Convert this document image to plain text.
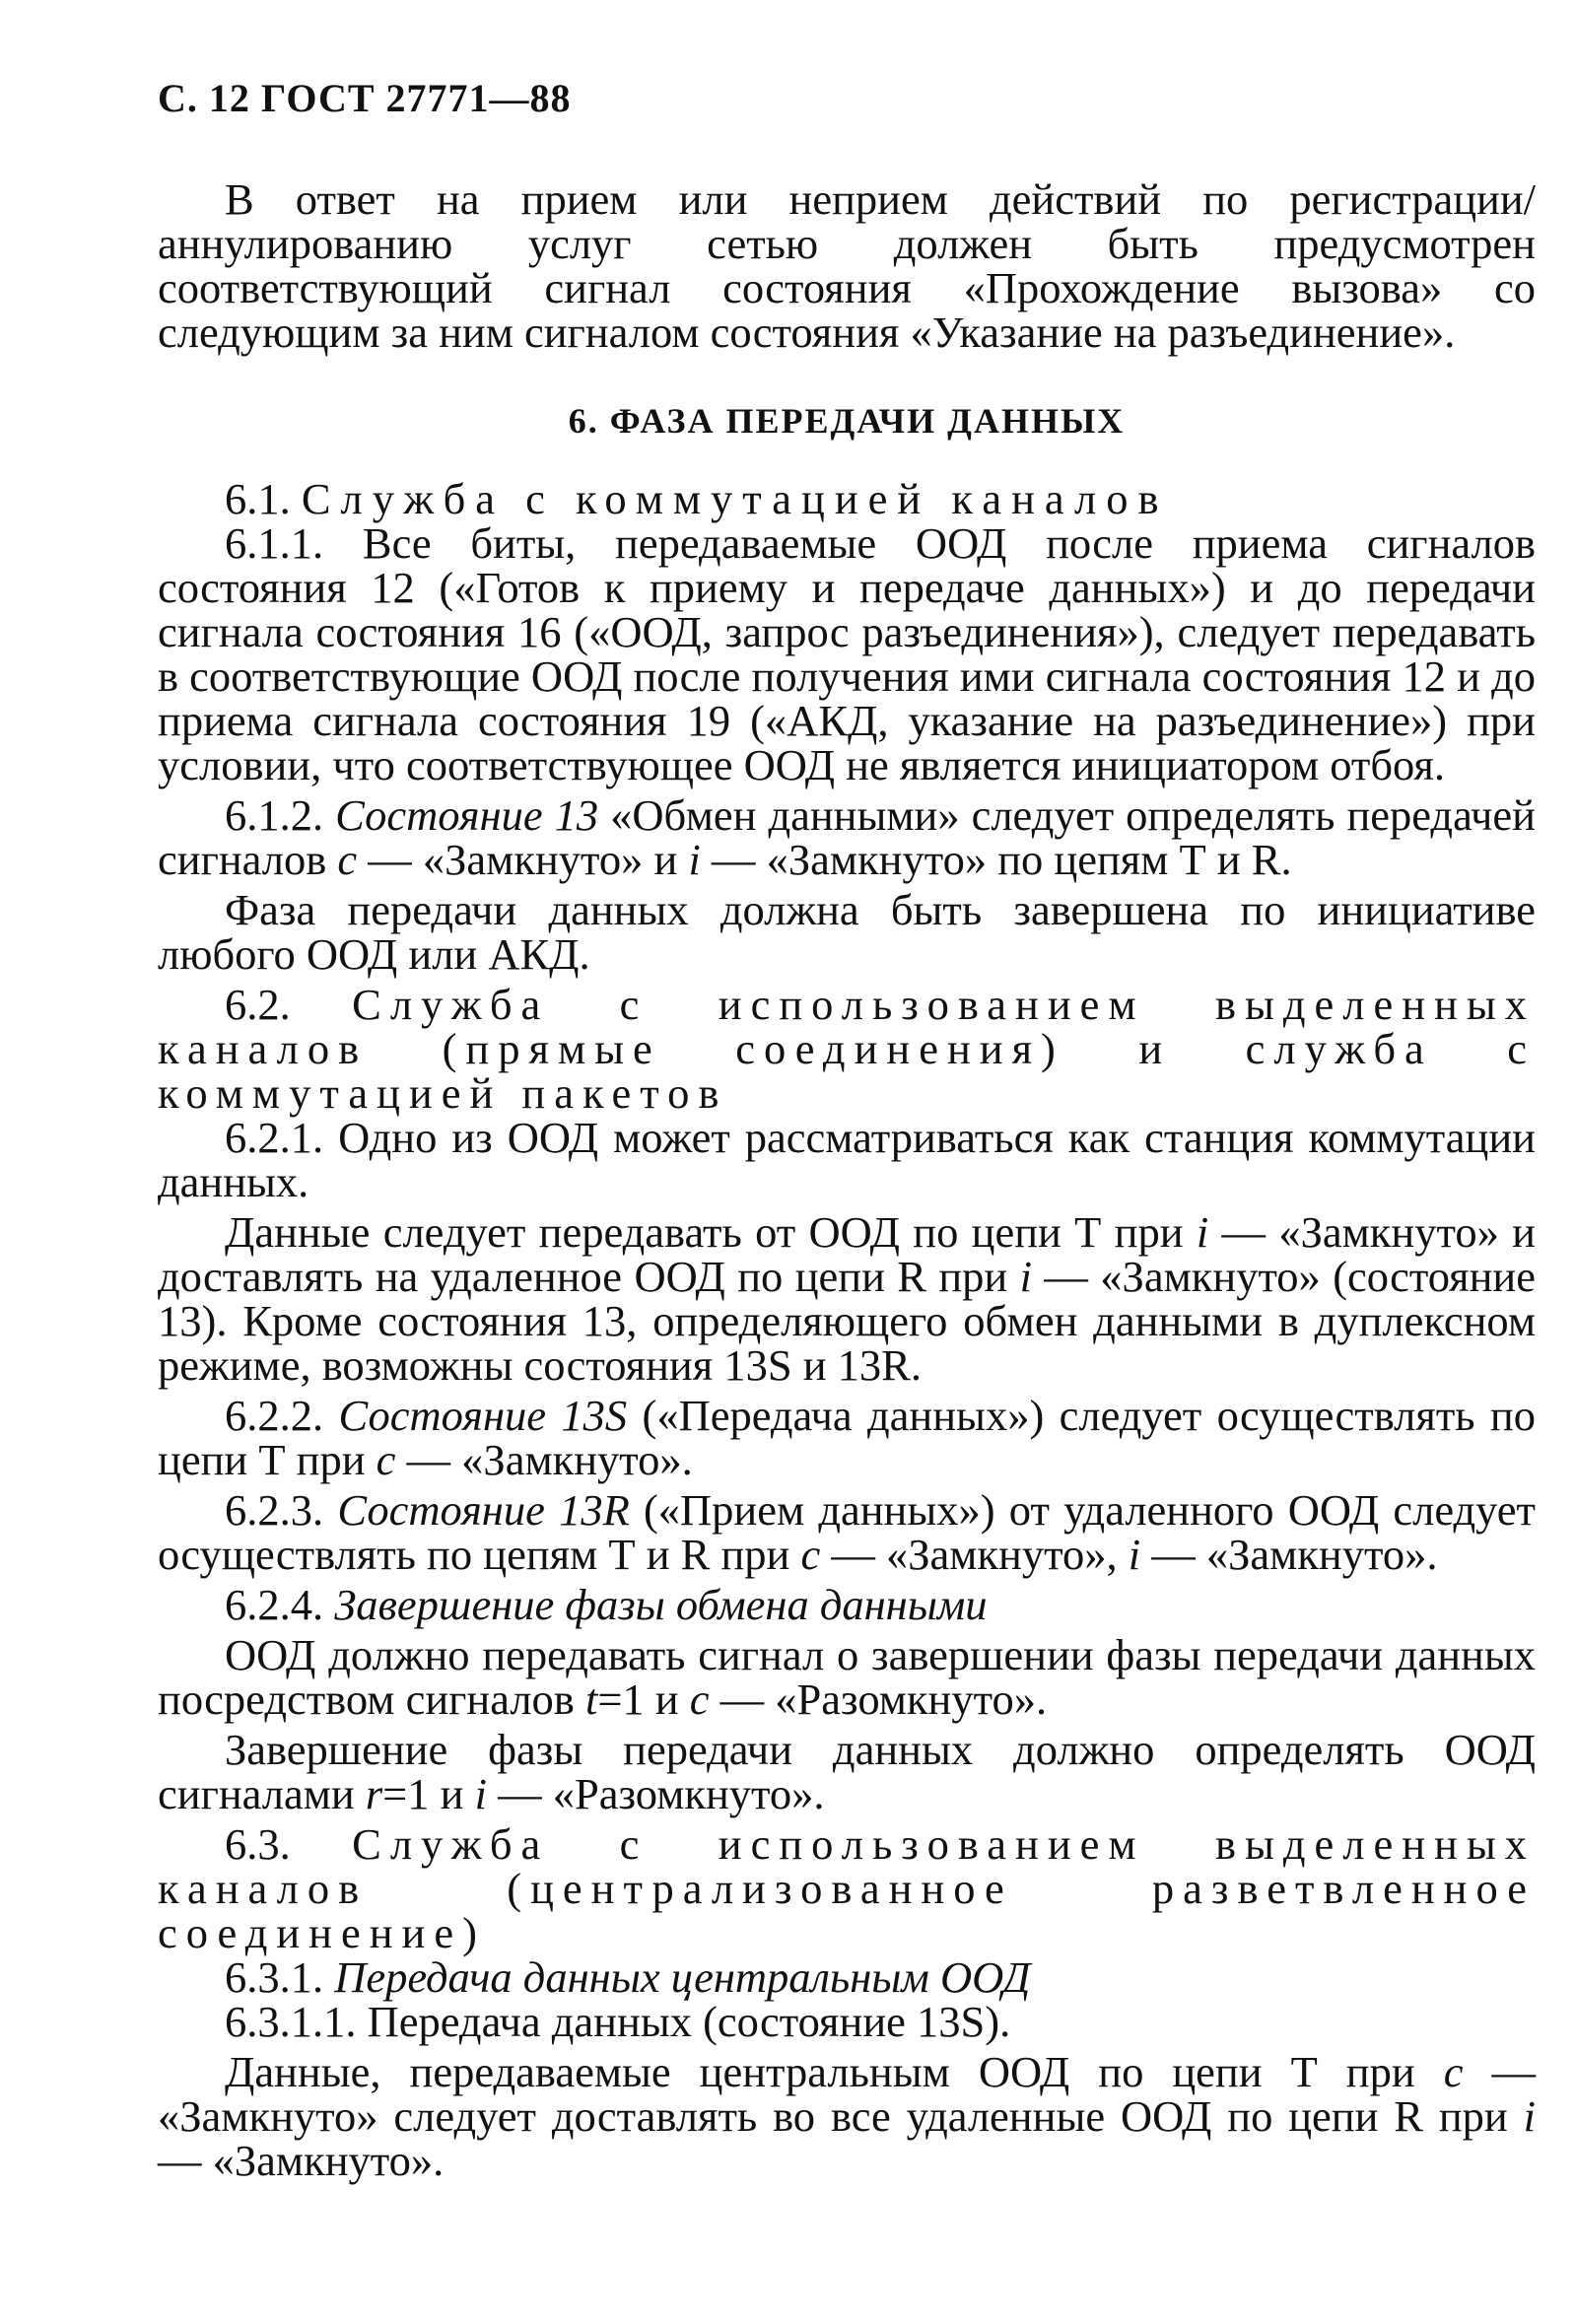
С. 12 ГОСТ 27771—88

В ответ на прием или неприем действий по регистрации/аннулированию услуг сетью должен быть предусмотрен соответствующий сигнал состояния «Прохождение вызова» со следующим за ним сигналом состояния «Указание на разъединение».

6. ФАЗА ПЕРЕДАЧИ ДАННЫХ

6.1. Служба с коммутацией каналов

6.1.1. Все биты, передаваемые ООД после приема сигналов состояния 12 («Готов к приему и передаче данных») и до передачи сигнала состояния 16 («ООД, запрос разъединения»), следует передавать в соответствующие ООД после получения ими сигнала состояния 12 и до приема сигнала состояния 19 («АКД, указание на разъединение») при условии, что соответствующее ООД не является инициатором отбоя.

6.1.2. Состояние 13 «Обмен данными» следует определять передачей сигналов c — «Замкнуто» и i — «Замкнуто» по цепям Т и R.

Фаза передачи данных должна быть завершена по инициативе любого ООД или АКД.

6.2. Служба с использованием выделенных каналов (прямые соединения) и служба с коммутацией пакетов

6.2.1. Одно из ООД может рассматриваться как станция коммутации данных.

Данные следует передавать от ООД по цепи Т при i — «Замкнуто» и доставлять на удаленное ООД по цепи R при i — «Замкнуто» (состояние 13). Кроме состояния 13, определяющего обмен данными в дуплексном режиме, возможны состояния 13S и 13R.

6.2.2. Состояние 13S («Передача данных») следует осуществлять по цепи Т при c — «Замкнуто».

6.2.3. Состояние 13R («Прием данных») от удаленного ООД следует осуществлять по цепям Т и R при c — «Замкнуто», i — «Замкнуто».

6.2.4. Завершение фазы обмена данными

ООД должно передавать сигнал о завершении фазы передачи данных посредством сигналов t=1 и c — «Разомкнуто».

Завершение фазы передачи данных должно определять ООД сигналами r=1 и i — «Разомкнуто».

6.3. Служба с использованием выделенных каналов (централизованное разветвленное соединение)

6.3.1. Передача данных центральным ООД

6.3.1.1. Передача данных (состояние 13S).

Данные, передаваемые центральным ООД по цепи Т при c — «Замкнуто» следует доставлять во все удаленные ООД по цепи R при i — «Замкнуто».
